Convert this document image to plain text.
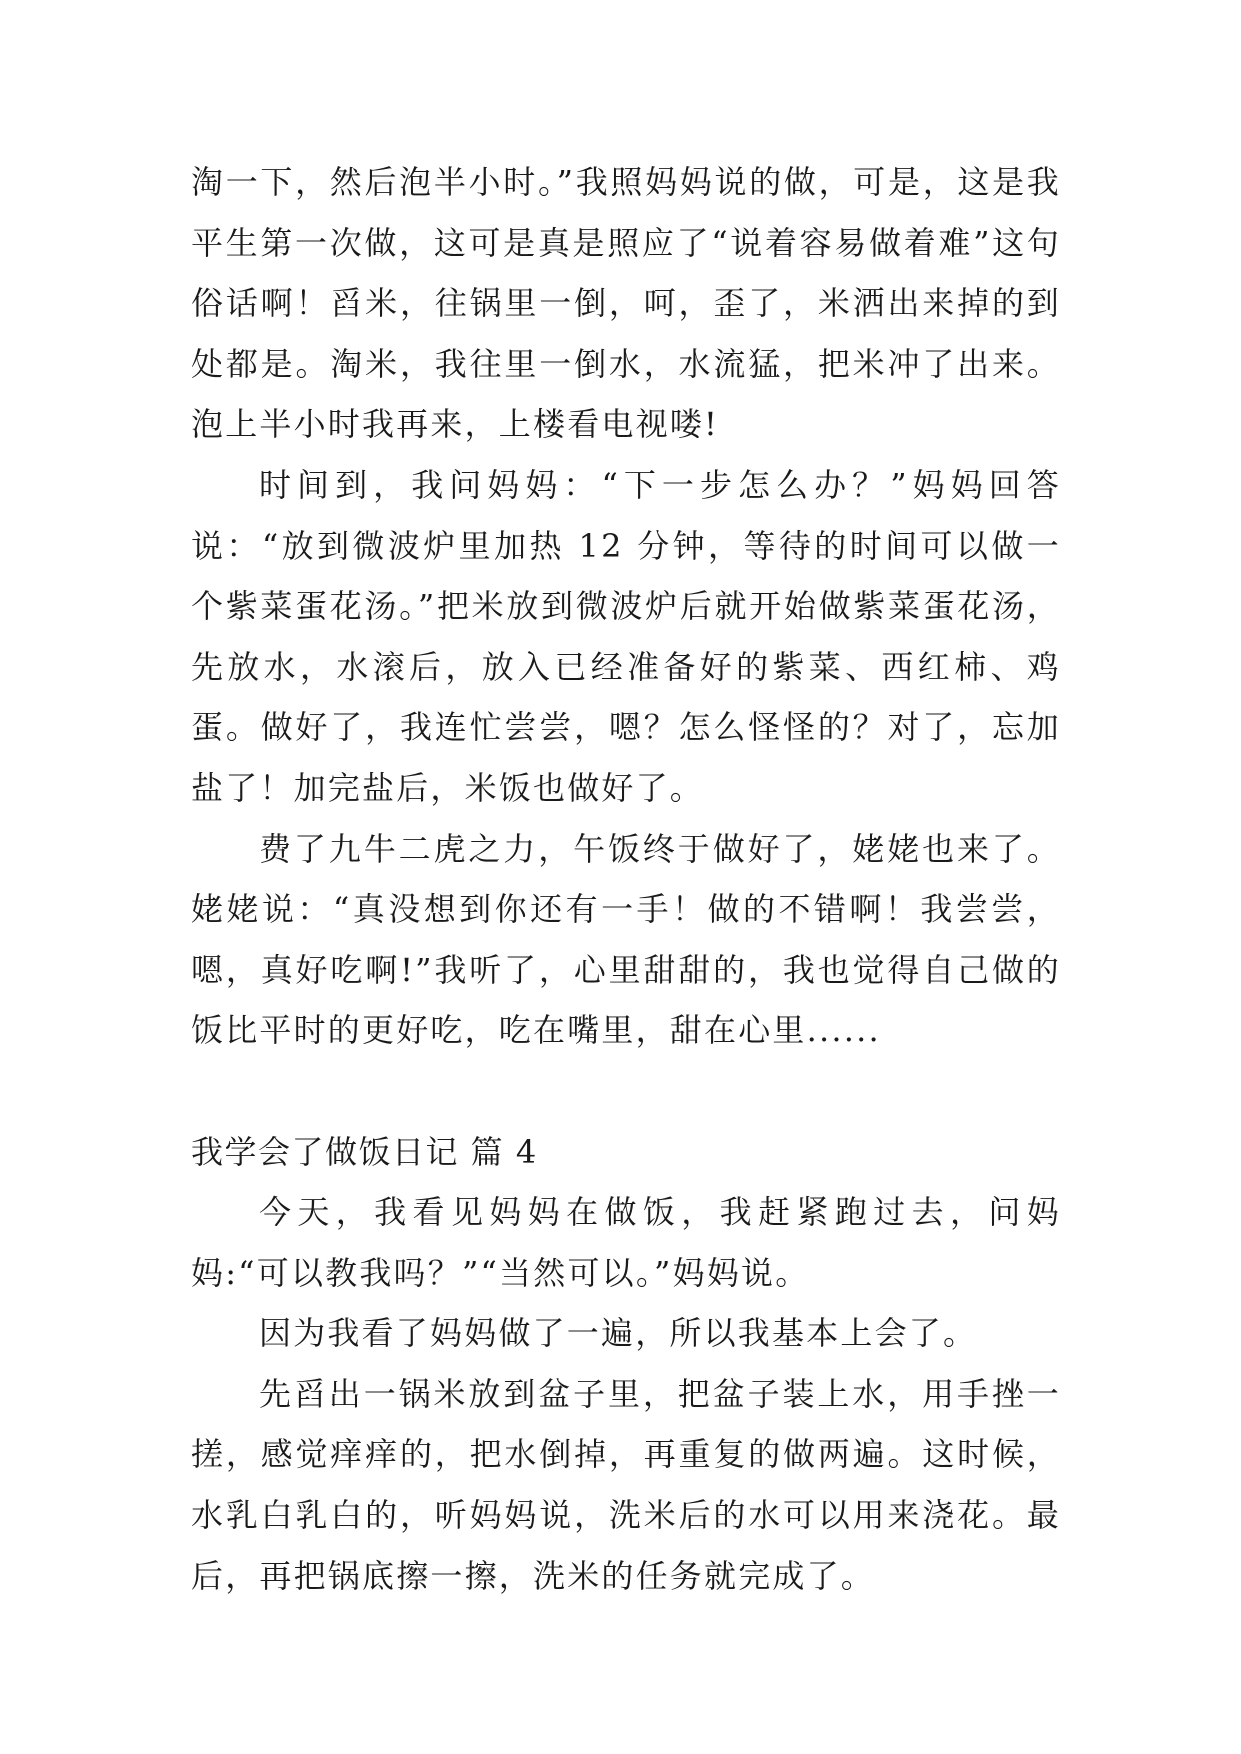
淘一下，然后泡半小时。”我照妈妈说的做，可是，这是我平生第一次做，这可是真是照应了“说着容易做着难”这句俗话啊！舀米，往锅里一倒，呵，歪了，米洒出来掉的到处都是。淘米，我往里一倒水，水流猛，把米冲了出来。泡上半小时我再来，上楼看电视喽!

时间到，我问妈妈：“下一步怎么办？”妈妈回答说：“放到微波炉里加热 12 分钟，等待的时间可以做一个紫菜蛋花汤。”把米放到微波炉后就开始做紫菜蛋花汤，先放水，水滚后，放入已经准备好的紫菜、西红柿、鸡蛋。做好了，我连忙尝尝，嗯？怎么怪怪的？对了，忘加盐了！加完盐后，米饭也做好了。

费了九牛二虎之力，午饭终于做好了，姥姥也来了。姥姥说：“真没想到你还有一手！做的不错啊！我尝尝，嗯，真好吃啊!”我听了，心里甜甜的，我也觉得自己做的饭比平时的更好吃，吃在嘴里，甜在心里......

我学会了做饭日记 篇 4

今天，我看见妈妈在做饭，我赶紧跑过去，问妈妈:“可以教我吗？”“当然可以。”妈妈说。

因为我看了妈妈做了一遍，所以我基本上会了。

先舀出一锅米放到盆子里，把盆子装上水，用手挫一搓，感觉痒痒的，把水倒掉，再重复的做两遍。这时候，水乳白乳白的，听妈妈说，洗米后的水可以用来浇花。最后，再把锅底擦一擦，洗米的任务就完成了。
